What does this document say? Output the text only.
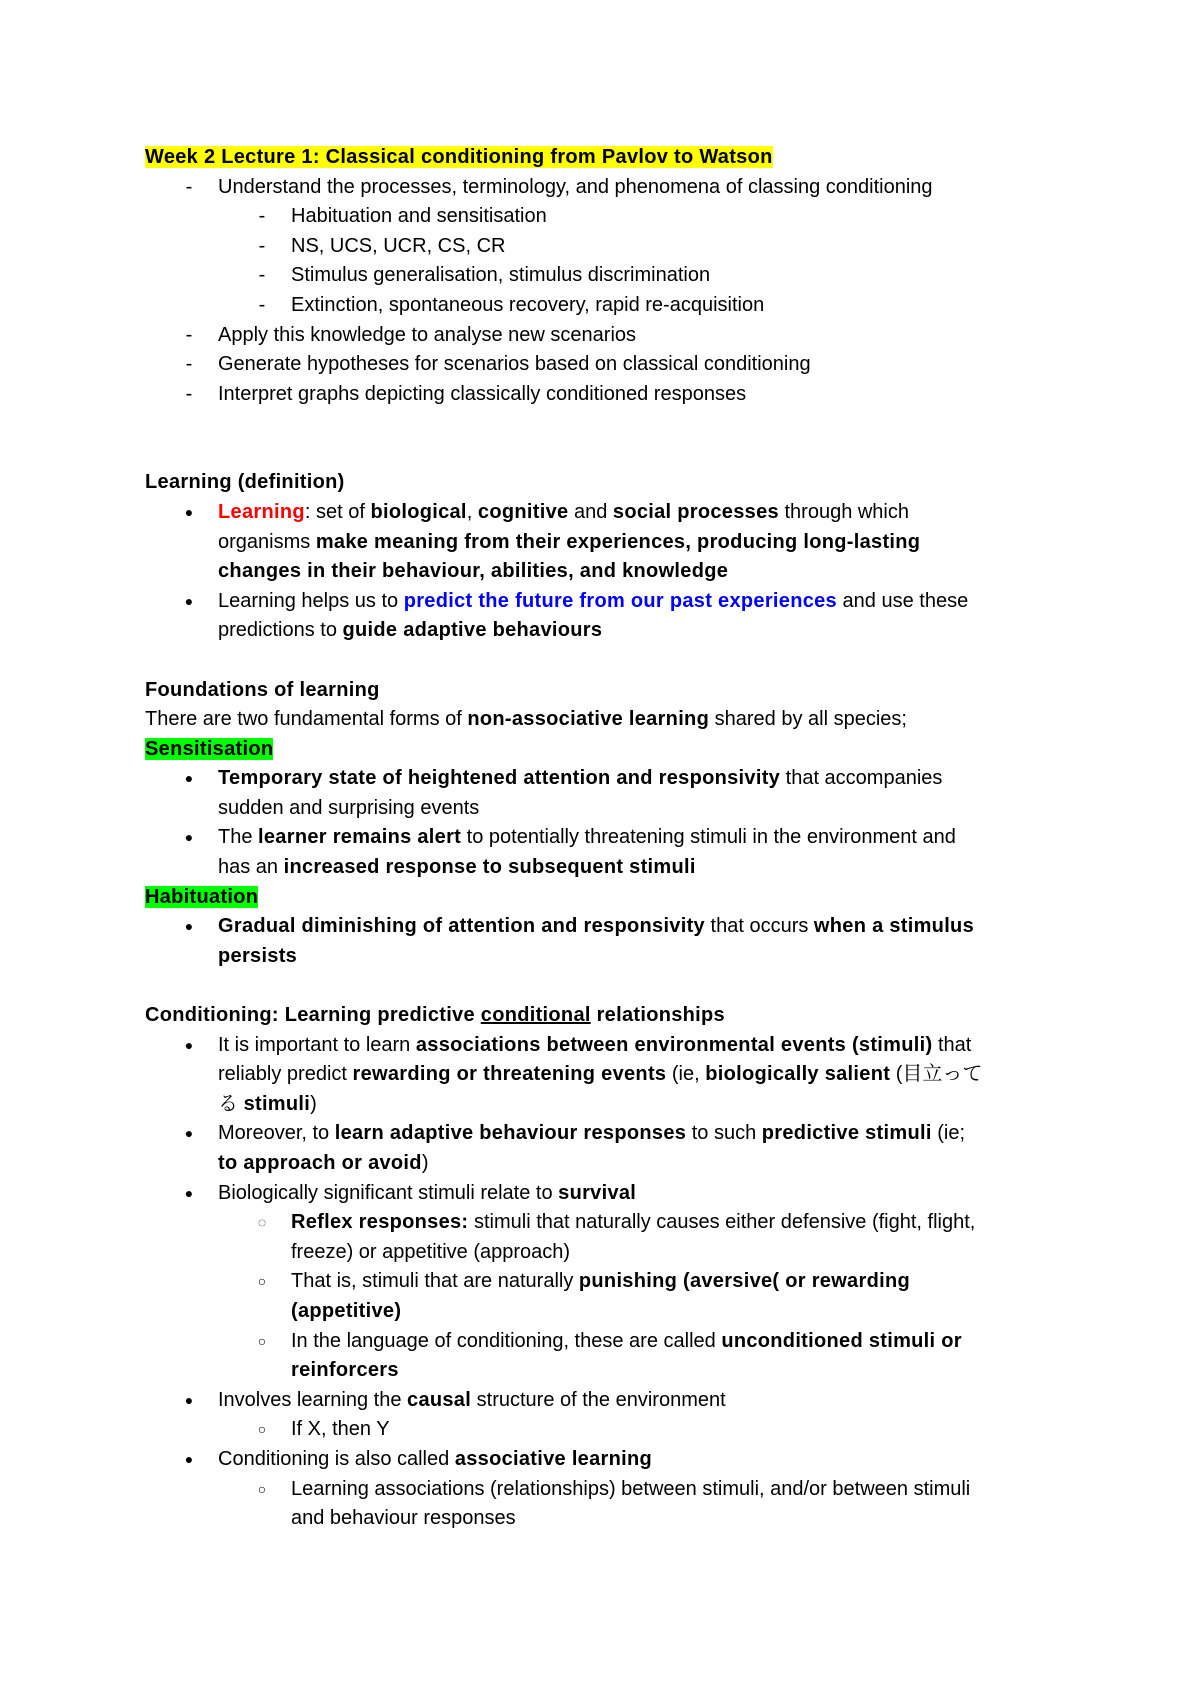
Week 2 Lecture 1: Classical conditioning from Pavlov to Watson
-	Understand the processes, terminology, and phenomena of classing conditioning
-	Habituation and sensitisation
-	NS, UCS, UCR, CS, CR
-	Stimulus generalisation, stimulus discrimination
-	Extinction, spontaneous recovery, rapid re-acquisition
-	Apply this knowledge to analyse new scenarios
-	Generate hypotheses for scenarios based on classical conditioning
-	Interpret graphs depicting classically conditioned responses
Learning (definition)
● Learning: set of biological, cognitive and social processes through which
organisms make meaning from their experiences, producing long-lasting
changes in their behaviour, abilities, and knowledge
● Learning helps us to predict the future from our past experiences and use these
predictions to guide adaptive behaviours
Foundations of learning
There are two fundamental forms of non-associative learning shared by all species;
Sensitisation
● Temporary state of heightened attention and responsivity that accompanies
sudden and surprising events
● The learner remains alert to potentially threatening stimuli in the environment and
has an increased response to subsequent stimuli
Habituation
● Gradual diminishing of attention and responsivity that occurs when a stimulus
persists
Conditioning: Learning predictive conditional relationships
● It is important to learn associations between environmental events (stimuli) that
reliably predict rewarding or threatening events (ie, biologically salient (目立って
る stimuli)
● Moreover, to learn adaptive behaviour responses to such predictive stimuli (ie;
to approach or avoid)
● Biologically significant stimuli relate to survival
◌ Reflex responses: stimuli that naturally causes either defensive (fight, flight,
freeze) or appetitive (approach)
○ That is, stimuli that are naturally punishing (aversive( or rewarding
(appetitive)
○ In the language of conditioning, these are called unconditioned stimuli or
reinforcers
● Involves learning the causal structure of the environment
○ If X, then Y
● Conditioning is also called associative learning
○ Learning associations (relationships) between stimuli, and/or between stimuli
and behaviour responses
